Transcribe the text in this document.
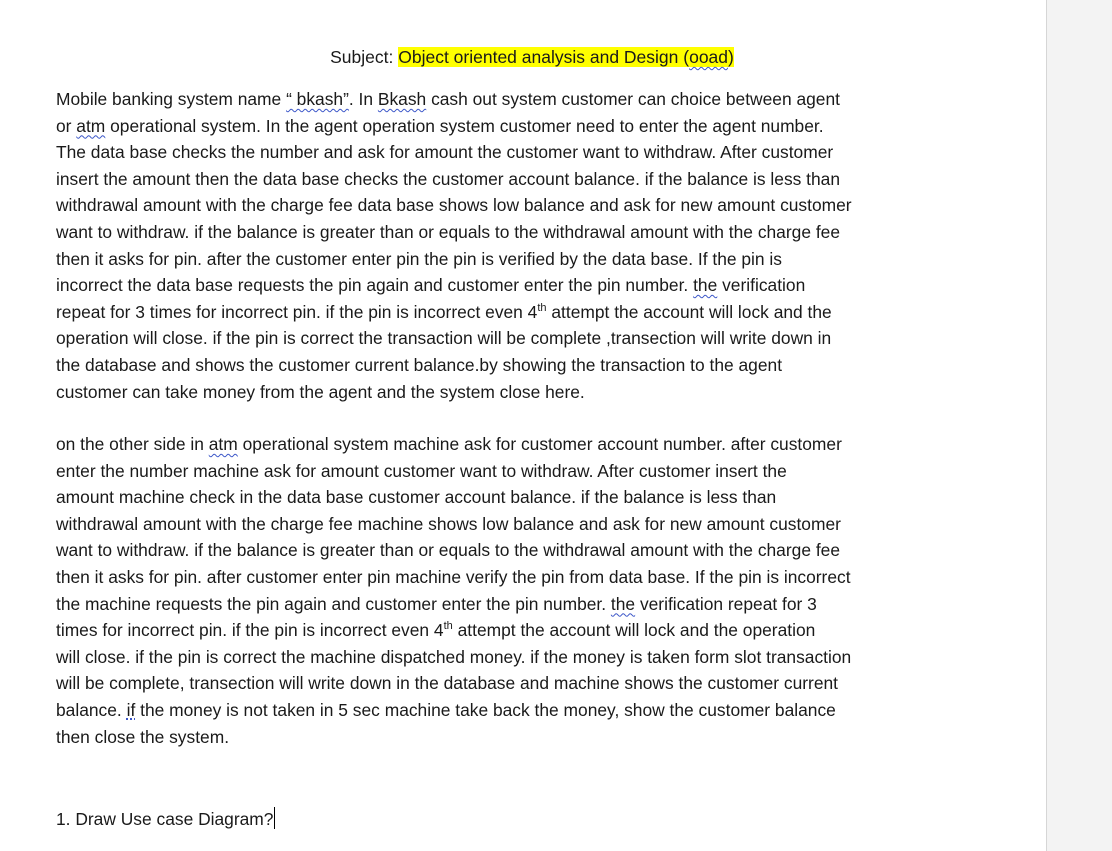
Subject: Object oriented analysis and Design (ooad)
Mobile banking system name “ bkash”. In Bkash cash out system customer can choice between agent
or atm operational system. In the agent operation system customer need to enter the agent number.
The data base checks the number and ask for amount the customer want to withdraw. After customer
insert the amount then the data base checks the customer account balance. if the balance is less than
withdrawal amount with the charge fee data base shows low balance and ask for new amount customer
want to withdraw. if the balance is greater than or equals to the withdrawal amount with the charge fee
then it asks for pin. after the customer enter pin the pin is verified by the data base. If the pin is
incorrect the data base requests the pin again and customer enter the pin number. the verification
repeat for 3 times for incorrect pin. if the pin is incorrect even 4th attempt the account will lock and the
operation will close. if the pin is correct the transaction will be complete ,transection will write down in
the database and shows the customer current balance.by showing the transaction to the agent
customer can take money from the agent and the system close here.
on the other side in atm operational system machine ask for customer account number. after customer
enter the number machine ask for amount customer want to withdraw. After customer insert the
amount machine check in the data base customer account balance. if the balance is less than
withdrawal amount with the charge fee machine shows low balance and ask for new amount customer
want to withdraw. if the balance is greater than or equals to the withdrawal amount with the charge fee
then it asks for pin. after customer enter pin machine verify the pin from data base. If the pin is incorrect
the machine requests the pin again and customer enter the pin number. the verification repeat for 3
times for incorrect pin. if the pin is incorrect even 4th attempt the account will lock and the operation
will close. if the pin is correct the machine dispatched money. if the money is taken form slot transaction
will be complete, transection will write down in the database and machine shows the customer current
balance. if the money is not taken in 5 sec machine take back the money, show the customer balance
then close the system.
1. Draw Use case Diagram?
